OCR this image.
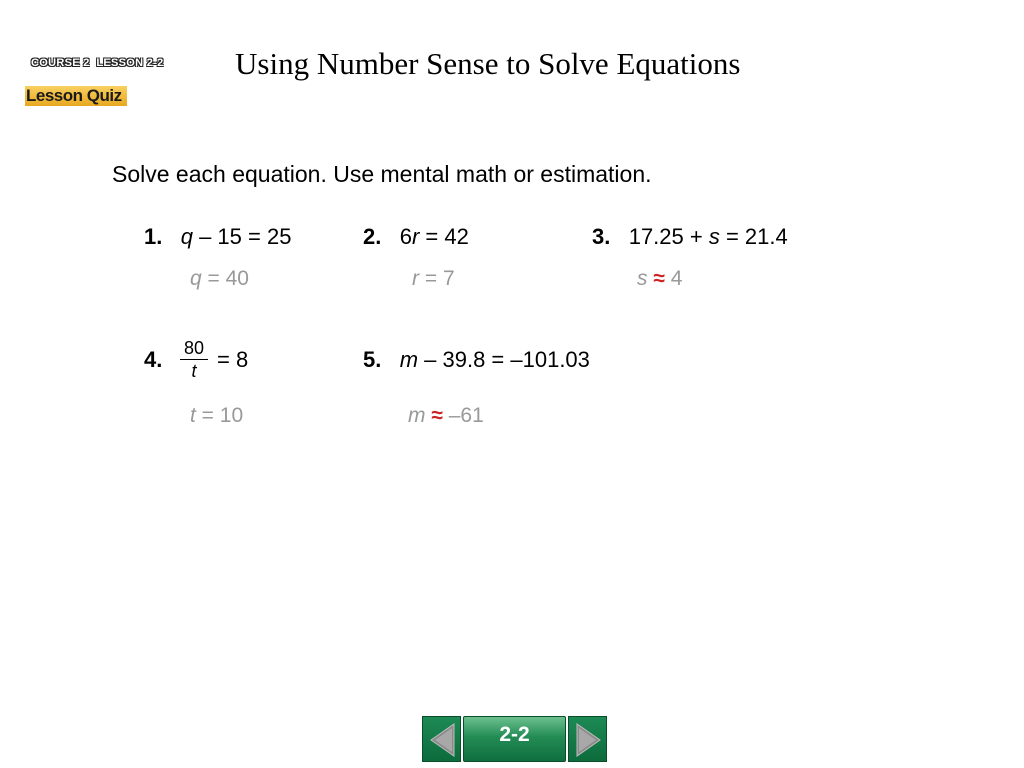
COURSE 2  LESSON 2-2
Lesson Quiz
Using Number Sense to Solve Equations
Solve each equation. Use mental math or estimation.
1. q – 15 = 25
q = 40
2. 6r = 42
r = 7
3. 17.25 + s = 21.4
s ≈ 4
4. $\frac{80}{t} = 8$
t = 10
5. m – 39.8 = –101.03
m ≈ –61
2-2
